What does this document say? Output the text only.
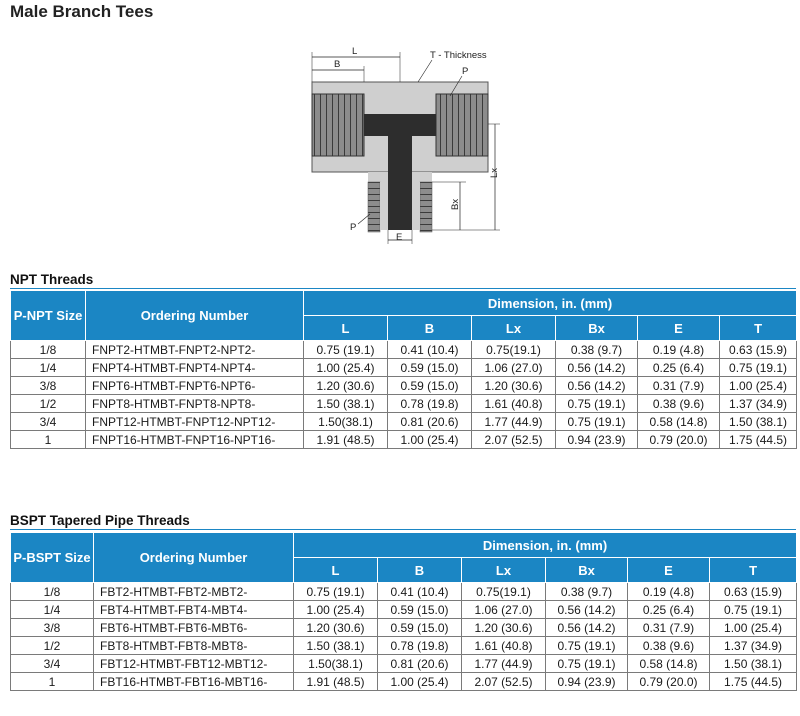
Male Branch Tees
L
B
T - Thickness
P
Lx
Bx
P
E
NPT Threads
P-NPT Size	Ordering Number	Dimension, in. (mm)					
		L	B	Lx	Bx	E	T
1/8	FNPT2-HTMBT-FNPT2-NPT2-	0.75 (19.1)	0.41 (10.4)	0.75(19.1)	0.38 (9.7)	0.19 (4.8)	0.63 (15.9)
1/4	FNPT4-HTMBT-FNPT4-NPT4-	1.00 (25.4)	0.59 (15.0)	1.06 (27.0)	0.56 (14.2)	0.25 (6.4)	0.75 (19.1)
3/8	FNPT6-HTMBT-FNPT6-NPT6-	1.20 (30.6)	0.59 (15.0)	1.20 (30.6)	0.56 (14.2)	0.31 (7.9)	1.00 (25.4)
1/2	FNPT8-HTMBT-FNPT8-NPT8-	1.50 (38.1)	0.78 (19.8)	1.61 (40.8)	0.75 (19.1)	0.38 (9.6)	1.37 (34.9)
3/4	FNPT12-HTMBT-FNPT12-NPT12-	1.50(38.1)	0.81 (20.6)	1.77 (44.9)	0.75 (19.1)	0.58 (14.8)	1.50 (38.1)
1	FNPT16-HTMBT-FNPT16-NPT16-	1.91 (48.5)	1.00 (25.4)	2.07 (52.5)	0.94 (23.9)	0.79 (20.0)	1.75 (44.5)
BSPT Tapered Pipe Threads
P-BSPT Size	Ordering Number	Dimension, in. (mm)					
		L	B	Lx	Bx	E	T
1/8	FBT2-HTMBT-FBT2-MBT2-	0.75 (19.1)	0.41 (10.4)	0.75(19.1)	0.38 (9.7)	0.19 (4.8)	0.63 (15.9)
1/4	FBT4-HTMBT-FBT4-MBT4-	1.00 (25.4)	0.59 (15.0)	1.06 (27.0)	0.56 (14.2)	0.25 (6.4)	0.75 (19.1)
3/8	FBT6-HTMBT-FBT6-MBT6-	1.20 (30.6)	0.59 (15.0)	1.20 (30.6)	0.56 (14.2)	0.31 (7.9)	1.00 (25.4)
1/2	FBT8-HTMBT-FBT8-MBT8-	1.50 (38.1)	0.78 (19.8)	1.61 (40.8)	0.75 (19.1)	0.38 (9.6)	1.37 (34.9)
3/4	FBT12-HTMBT-FBT12-MBT12-	1.50(38.1)	0.81 (20.6)	1.77 (44.9)	0.75 (19.1)	0.58 (14.8)	1.50 (38.1)
1	FBT16-HTMBT-FBT16-MBT16-	1.91 (48.5)	1.00 (25.4)	2.07 (52.5)	0.94 (23.9)	0.79 (20.0)	1.75 (44.5)
